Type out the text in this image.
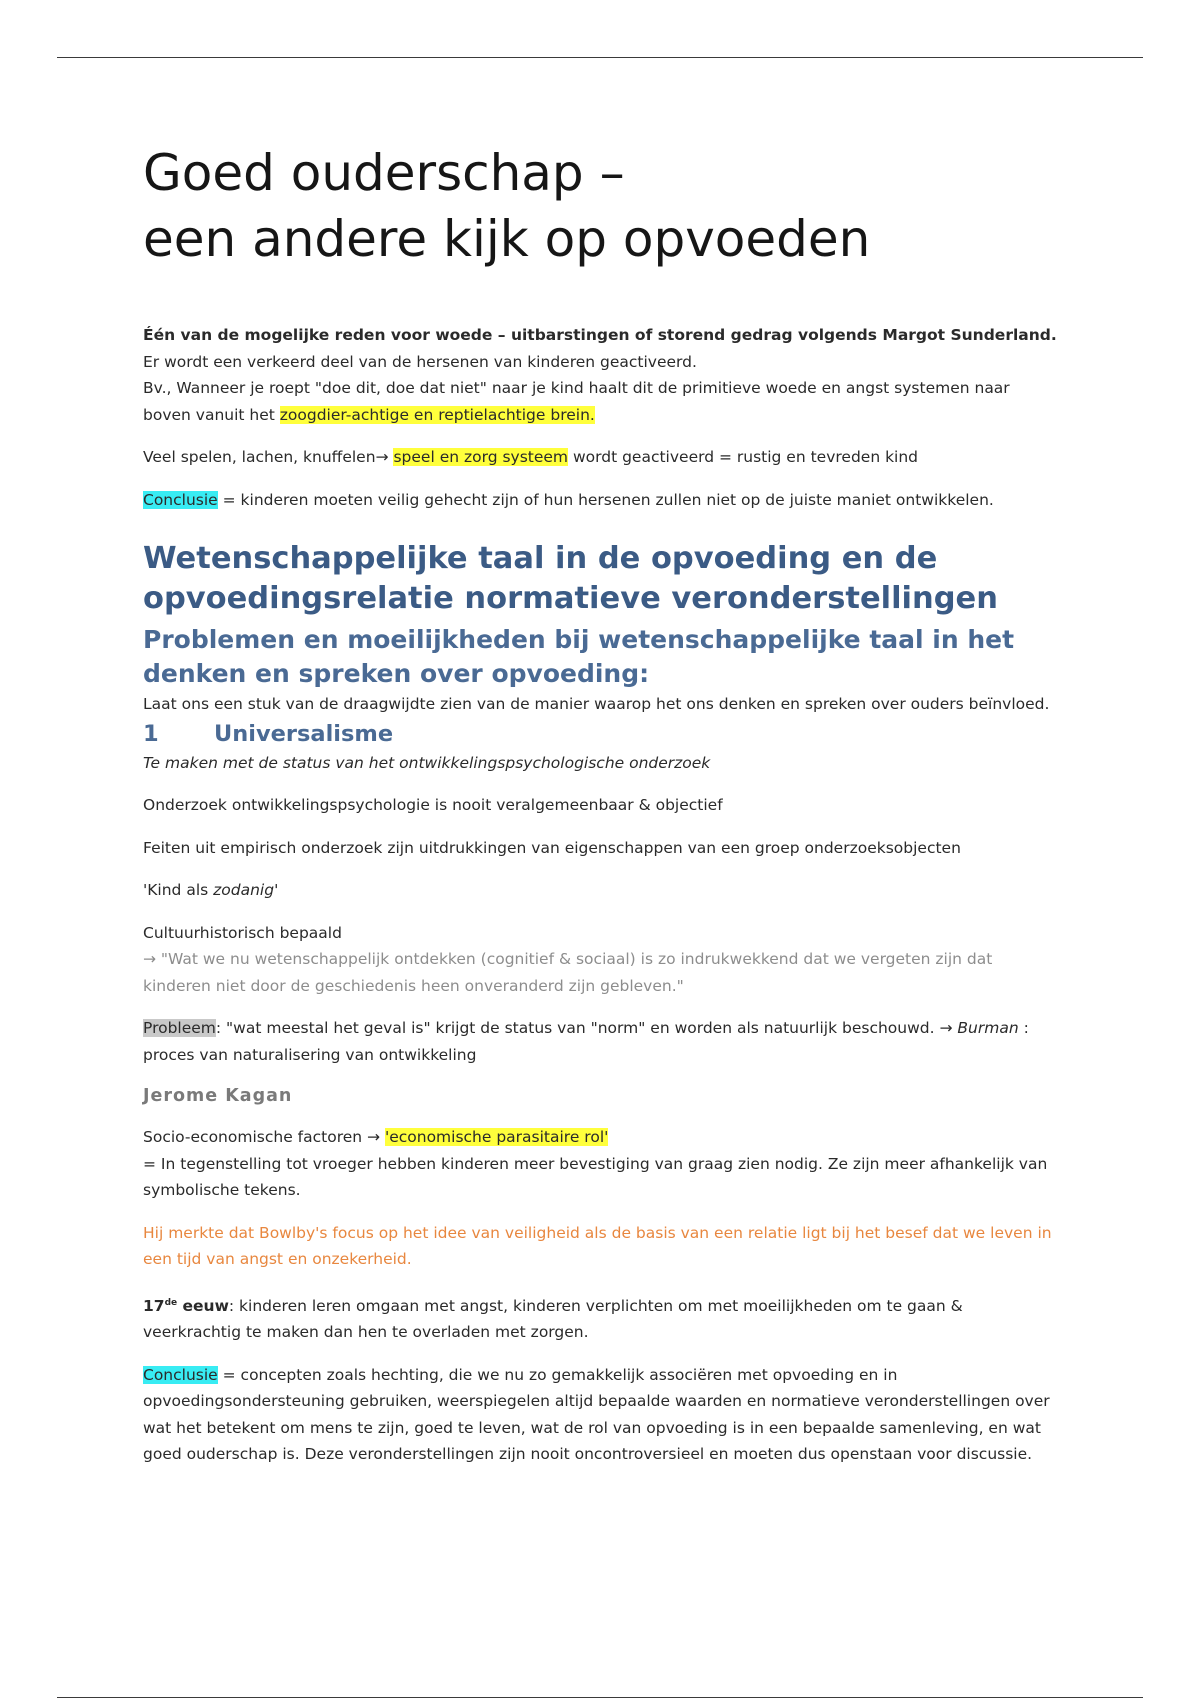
Goed ouderschap –
een andere kijk op opvoeden

Één van de mogelijke reden voor woede – uitbarstingen of storend gedrag volgends Margot Sunderland.

Er wordt een verkeerd deel van de hersenen van kinderen geactiveerd.

Bv., Wanneer je roept "doe dit, doe dat niet" naar je kind haalt dit de primitieve woede en angst systemen naar boven vanuit het zoogdier-achtige en reptielachtige brein.

Veel spelen, lachen, knuffelen→ speel en zorg systeem wordt geactiveerd = rustig en tevreden kind

Conclusie = kinderen moeten veilig gehecht zijn of hun hersenen zullen niet op de juiste maniet ontwikkelen.

Wetenschappelijke taal in de opvoeding en de opvoedingsrelatie normatieve veronderstellingen
Problemen en moeilijkheden bij wetenschappelijke taal in het denken en spreken over opvoeding:

Laat ons een stuk van de draagwijdte zien van de manier waarop het ons denken en spreken over ouders beïnvloed.

1 Universalisme

Te maken met de status van het ontwikkelingspsychologische onderzoek

Onderzoek ontwikkelingspsychologie is nooit veralgemeenbaar & objectief

Feiten uit empirisch onderzoek zijn uitdrukkingen van eigenschappen van een groep onderzoeksobjecten

'Kind als zodanig'

Cultuurhistorisch bepaald

→ "Wat we nu wetenschappelijk ontdekken (cognitief & sociaal) is zo indrukwekkend dat we vergeten zijn dat kinderen niet door de geschiedenis heen onveranderd zijn gebleven."

Probleem: "wat meestal het geval is" krijgt de status van "norm" en worden als natuurlijk beschouwd. → Burman : proces van naturalisering van ontwikkeling

Jerome Kagan

Socio-economische factoren → 'economische parasitaire rol'

= In tegenstelling tot vroeger hebben kinderen meer bevestiging van graag zien nodig. Ze zijn meer afhankelijk van symbolische tekens.

Hij merkte dat Bowlby's focus op het idee van veiligheid als de basis van een relatie ligt bij het besef dat we leven in een tijd van angst en onzekerheid.

17de eeuw: kinderen leren omgaan met angst, kinderen verplichten om met moeilijkheden om te gaan & veerkrachtig te maken dan hen te overladen met zorgen.

Conclusie = concepten zoals hechting, die we nu zo gemakkelijk associëren met opvoeding en in opvoedingsondersteuning gebruiken, weerspiegelen altijd bepaalde waarden en normatieve veronderstellingen over wat het betekent om mens te zijn, goed te leven, wat de rol van opvoeding is in een bepaalde samenleving, en wat goed ouderschap is. Deze veronderstellingen zijn nooit oncontroversieel en moeten dus openstaan voor discussie.
